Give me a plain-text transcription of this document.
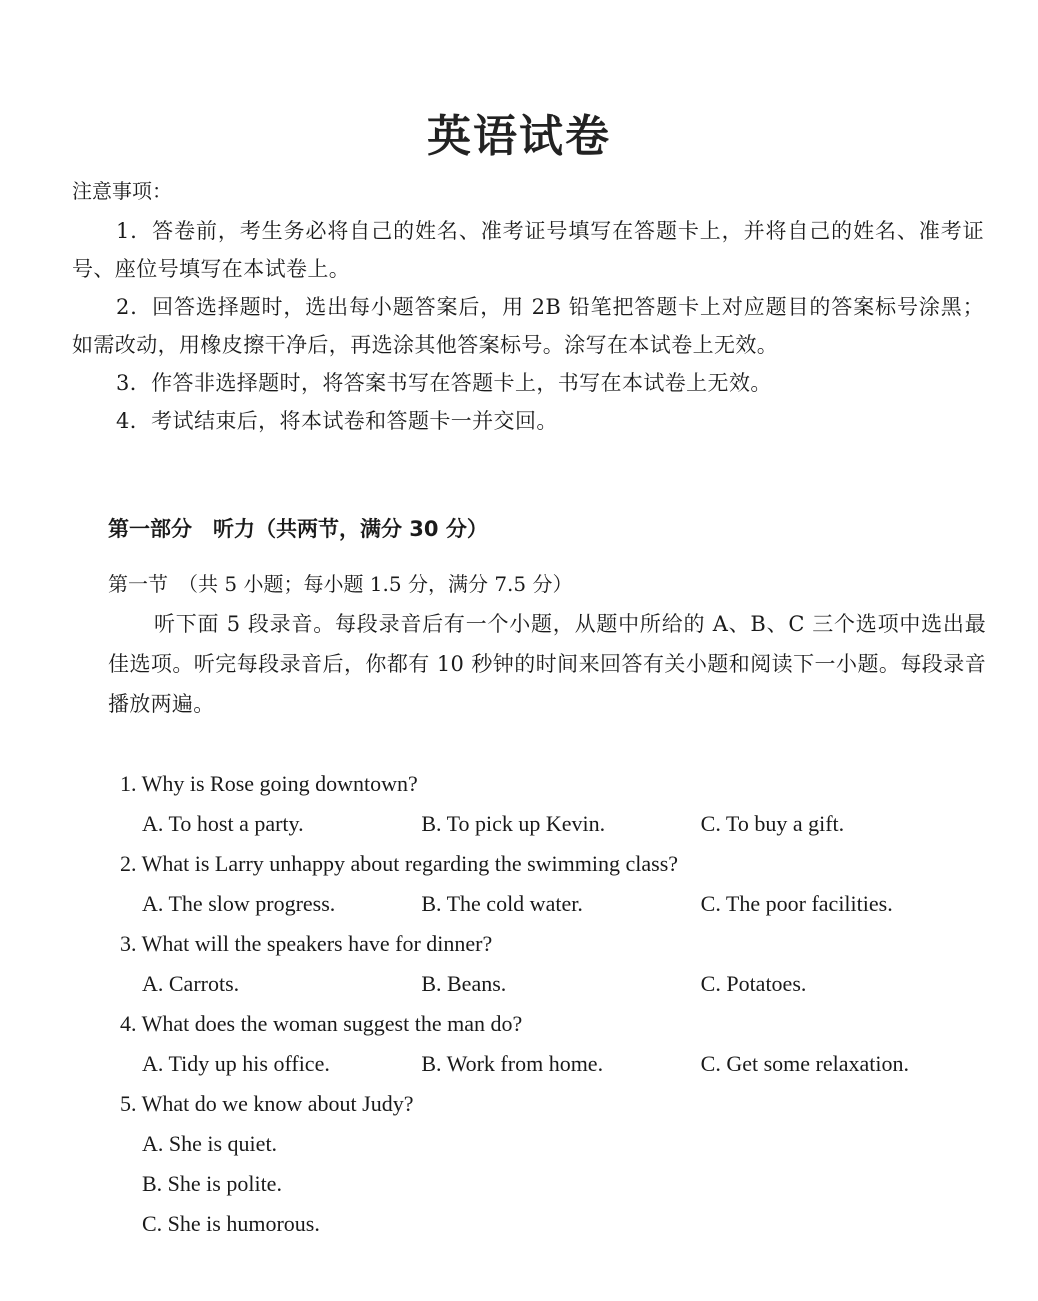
英语试卷
注意事项：
1．答卷前，考生务必将自己的姓名、准考证号填写在答题卡上，并将自己的姓名、准考证号、座位号填写在本试卷上。
2．回答选择题时，选出每小题答案后，用 2B 铅笔把答题卡上对应题目的答案标号涂黑；如需改动，用橡皮擦干净后，再选涂其他答案标号。涂写在本试卷上无效。
3．作答非选择题时，将答案书写在答题卡上，书写在本试卷上无效。
4．考试结束后，将本试卷和答题卡一并交回。
第一部分　听力（共两节，满分 30 分）
第一节　（共 5 小题；每小题 1.5 分，满分 7.5 分）
听下面 5 段录音。每段录音后有一个小题，从题中所给的 A、B、C 三个选项中选出最佳选项。听完每段录音后，你都有 10 秒钟的时间来回答有关小题和阅读下一小题。每段录音播放两遍。
1. Why is Rose going downtown?
A. To host a party.	B. To pick up Kevin.	C. To buy a gift.
2. What is Larry unhappy about regarding the swimming class?
A. The slow progress.	B. The cold water.	C. The poor facilities.
3. What will the speakers have for dinner?
A. Carrots.	B. Beans.	C. Potatoes.
4. What does the woman suggest the man do?
A. Tidy up his office.	B. Work from home.	C. Get some relaxation.
5. What do we know about Judy?
A. She is quiet.
B. She is polite.
C. She is humorous.
